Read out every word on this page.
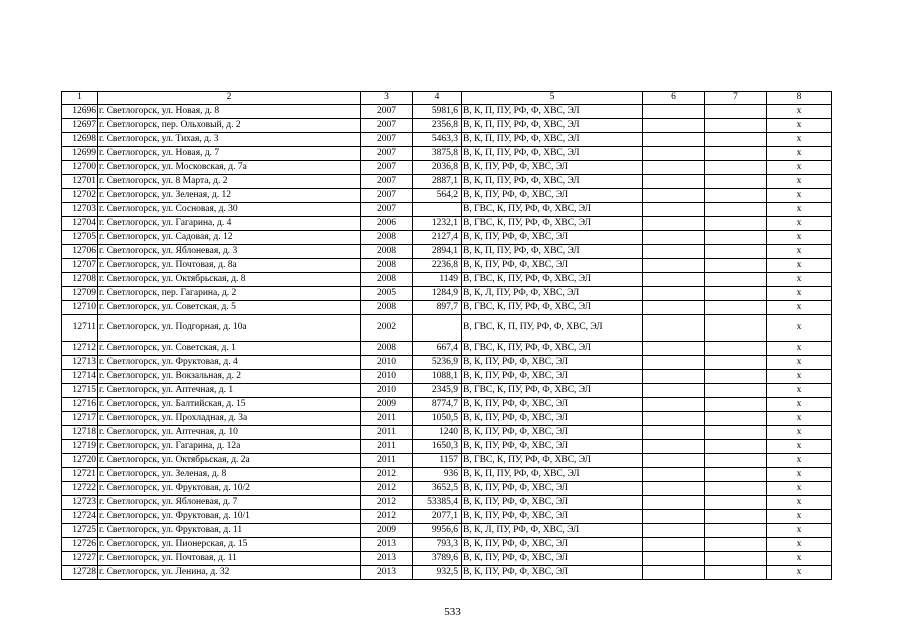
1	2	3	4	5	6	7	8
12696	г. Светлогорск, ул. Новая, д. 8	2007	5981,6	В, К, П, ПУ, РФ, Ф, ХВС, ЭЛ			х
12697	г. Светлогорск, пер. Ольховый, д. 2	2007	2356,8	В, К, П, ПУ, РФ, Ф, ХВС, ЭЛ			х
12698	г. Светлогорск, ул. Тихая, д. 3	2007	5463,3	В, К, П, ПУ, РФ, Ф, ХВС, ЭЛ			х
12699	г. Светлогорск, ул. Новая, д. 7	2007	3875,8	В, К, П, ПУ, РФ, Ф, ХВС, ЭЛ			х
12700	г. Светлогорск, ул. Московская, д. 7а	2007	2036,8	В, К, ПУ, РФ, Ф, ХВС, ЭЛ			х
12701	г. Светлогорск, ул. 8 Марта, д. 2	2007	2887,1	В, К, П, ПУ, РФ, Ф, ХВС, ЭЛ			х
12702	г. Светлогорск, ул. Зеленая, д. 12	2007	564,2	В, К, ПУ, РФ, Ф, ХВС, ЭЛ			х
12703	г. Светлогорск, ул. Сосновая, д. 30	2007		В, ГВС, К, ПУ, РФ, Ф, ХВС, ЭЛ			х
12704	г. Светлогорск, ул. Гагарина, д. 4	2006	1232,1	В, ГВС, К, ПУ, РФ, Ф, ХВС, ЭЛ			х
12705	г. Светлогорск, ул. Садовая, д. 12	2008	2127,4	В, К, ПУ, РФ, Ф, ХВС, ЭЛ			х
12706	г. Светлогорск, ул. Яблоневая, д. 3	2008	2894,1	В, К, П, ПУ, РФ, Ф, ХВС, ЭЛ			х
12707	г. Светлогорск, ул. Почтовая, д. 8а	2008	2236,8	В, К, ПУ, РФ, Ф, ХВС, ЭЛ			х
12708	г. Светлогорск, ул. Октябрьская, д. 8	2008	1149	В, ГВС, К, ПУ, РФ, Ф, ХВС, ЭЛ			х
12709	г. Светлогорск, пер. Гагарина, д. 2	2005	1284,9	В, К, Л, ПУ, РФ, Ф, ХВС, ЭЛ			х
12710	г. Светлогорск, ул. Советская, д. 5	2008	897,7	В, ГВС, К, ПУ, РФ, Ф, ХВС, ЭЛ			х
12711	г. Светлогорск, ул. Подгорная, д. 10а	2002		В, ГВС, К, П, ПУ, РФ, Ф, ХВС, ЭЛ			х
12712	г. Светлогорск, ул. Советская, д. 1	2008	667,4	В, ГВС, К, ПУ, РФ, Ф, ХВС, ЭЛ			х
12713	г. Светлогорск, ул. Фруктовая, д. 4	2010	5236,9	В, К, ПУ, РФ, Ф, ХВС, ЭЛ			х
12714	г. Светлогорск, ул. Вокзальная, д. 2	2010	1088,1	В, К, ПУ, РФ, Ф, ХВС, ЭЛ			х
12715	г. Светлогорск, ул. Аптечная, д. 1	2010	2345,9	В, ГВС, К, ПУ, РФ, Ф, ХВС, ЭЛ			х
12716	г. Светлогорск, ул. Балтийская, д. 15	2009	8774,7	В, К, ПУ, РФ, Ф, ХВС, ЭЛ			х
12717	г. Светлогорск, ул. Прохладная, д. 3а	2011	1050,5	В, К, ПУ, РФ, Ф, ХВС, ЭЛ			х
12718	г. Светлогорск, ул. Аптечная, д. 10	2011	1240	В, К, ПУ, РФ, Ф, ХВС, ЭЛ			х
12719	г. Светлогорск, ул. Гагарина, д. 12а	2011	1650,3	В, К, ПУ, РФ, Ф, ХВС, ЭЛ			х
12720	г. Светлогорск, ул. Октябрьская, д. 2а	2011	1157	В, ГВС, К, ПУ, РФ, Ф, ХВС, ЭЛ			х
12721	г. Светлогорск, ул. Зеленая, д. 8	2012	936	В, К, П, ПУ, РФ, Ф, ХВС, ЭЛ			х
12722	г. Светлогорск, ул. Фруктовая, д. 10/2	2012	3652,5	В, К, ПУ, РФ, Ф, ХВС, ЭЛ			х
12723	г. Светлогорск, ул. Яблоневая, д. 7	2012	53385,4	В, К, ПУ, РФ, Ф, ХВС, ЭЛ			х
12724	г. Светлогорск, ул. Фруктовая, д. 10/1	2012	2077,1	В, К, ПУ, РФ, Ф, ХВС, ЭЛ			х
12725	г. Светлогорск, ул. Фруктовая, д. 11	2009	9956,6	В, К, Л, ПУ, РФ, Ф, ХВС, ЭЛ			х
12726	г. Светлогорск, ул. Пионерская, д. 15	2013	793,3	В, К, ПУ, РФ, Ф, ХВС, ЭЛ			х
12727	г. Светлогорск, ул. Почтовая, д. 11	2013	3789,6	В, К, ПУ, РФ, Ф, ХВС, ЭЛ			х
12728	г. Светлогорск, ул. Ленина, д. 32	2013	932,5	В, К, ПУ, РФ, Ф, ХВС, ЭЛ			х
533
